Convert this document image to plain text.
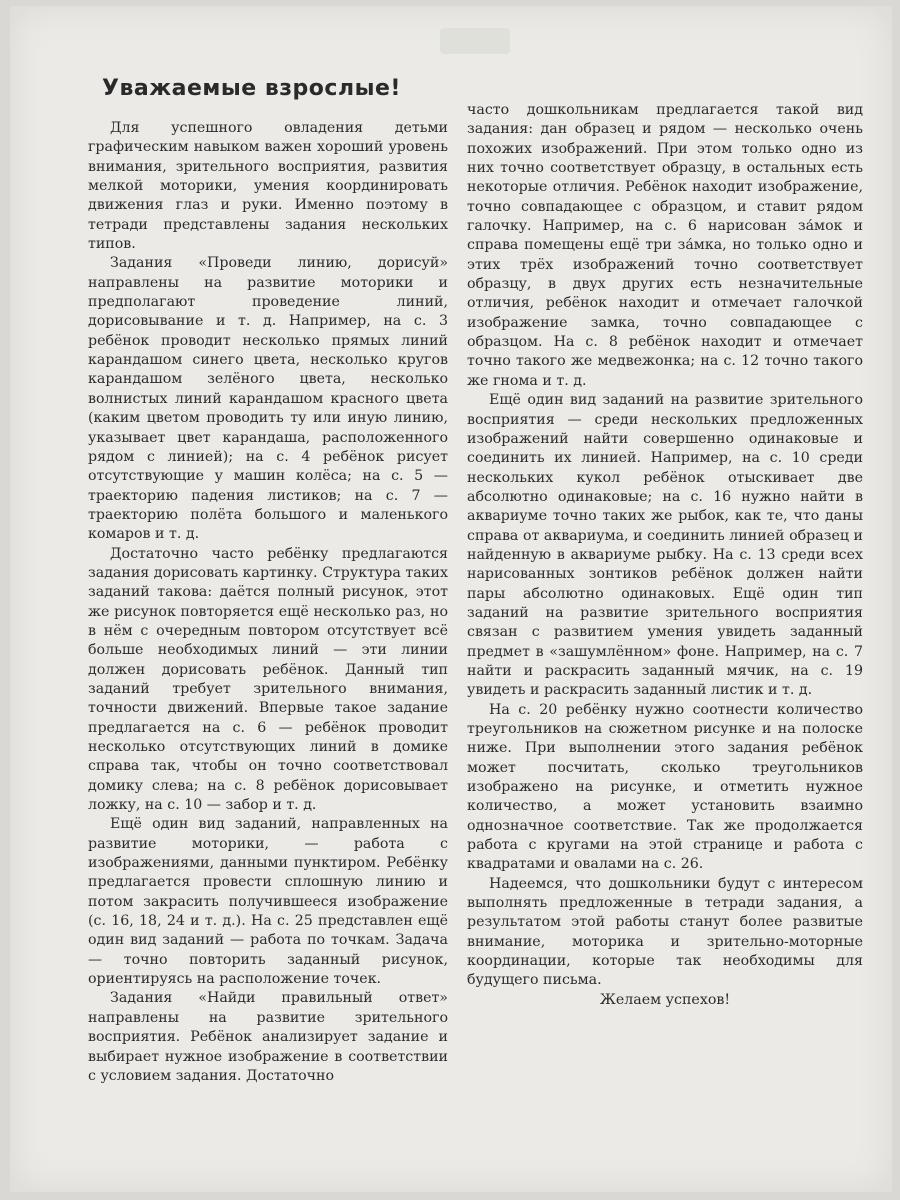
Уважаемые взрослые!

Для успешного овладения детьми графическим навыком важен хороший уровень внимания, зрительного восприятия, развития мелкой моторики, умения координировать движения глаз и руки. Именно поэтому в тетради представлены задания нескольких типов.

Задания «Проведи линию, дорисуй» направлены на развитие моторики и предполагают проведение линий, дорисовывание и т. д. Например, на с. 3 ребёнок проводит несколько прямых линий карандашом синего цвета, несколько кругов карандашом зелёного цвета, несколько волнистых линий карандашом красного цвета (каким цветом проводить ту или иную линию, указывает цвет карандаша, расположенного рядом с линией); на с. 4 ребёнок рисует отсутствующие у машин колёса; на с. 5 — траекторию падения листиков; на с. 7 — траекторию полёта большого и маленького комаров и т. д.

Достаточно часто ребёнку предлагаются задания дорисовать картинку. Структура таких заданий такова: даётся полный рисунок, этот же рисунок повторяется ещё несколько раз, но в нём с очередным повтором отсутствует всё больше необходимых линий — эти линии должен дорисовать ребёнок. Данный тип заданий требует зрительного внимания, точности движений. Впервые такое задание предлагается на с. 6 — ребёнок проводит несколько отсутствующих линий в домике справа так, чтобы он точно соответствовал домику слева; на с. 8 ребёнок дорисовывает ложку, на с. 10 — забор и т. д.

Ещё один вид заданий, направленных на развитие моторики, — работа с изображениями, данными пунктиром. Ребёнку предлагается провести сплошную линию и потом закрасить получившееся изображение (с. 16, 18, 24 и т. д.). На с. 25 представлен ещё один вид заданий — работа по точкам. Задача — точно повторить заданный рисунок, ориентируясь на расположение точек.

Задания «Найди правильный ответ» направлены на развитие зрительного восприятия. Ребёнок анализирует задание и выбирает нужное изображение в соответствии с условием задания. Достаточно

часто дошкольникам предлагается такой вид задания: дан образец и рядом — несколько очень похожих изображений. При этом только одно из них точно соответствует образцу, в остальных есть некоторые отличия. Ребёнок находит изображение, точно совпадающее с образцом, и ставит рядом галочку. Например, на с. 6 нарисован за́мок и справа помещены ещё три за́мка, но только одно и этих трёх изображений точно соответствует образцу, в двух других есть незначительные отличия, ребёнок находит и отмечает галочкой изображение замка, точно совпадающее с образцом. На с. 8 ребёнок находит и отмечает точно такого же медвежонка; на с. 12 точно такого же гнома и т. д.

Ещё один вид заданий на развитие зрительного восприятия — среди нескольких предложенных изображений найти совершенно одинаковые и соединить их линией. Например, на с. 10 среди нескольких кукол ребёнок отыскивает две абсолютно одинаковые; на с. 16 нужно найти в аквариуме точно таких же рыбок, как те, что даны справа от аквариума, и соединить линией образец и найденную в аквариуме рыбку. На с. 13 среди всех нарисованных зонтиков ребёнок должен найти пары абсолютно одинаковых. Ещё один тип заданий на развитие зрительного восприятия связан с развитием умения увидеть заданный предмет в «зашумлённом» фоне. Например, на с. 7 найти и раскрасить заданный мячик, на с. 19 увидеть и раскрасить заданный листик и т. д.

На с. 20 ребёнку нужно соотнести количество треугольников на сюжетном рисунке и на полоске ниже. При выполнении этого задания ребёнок может посчитать, сколько треугольников изображено на рисунке, и отметить нужное количество, а может установить взаимно однозначное соответствие. Так же продолжается работа с кругами на этой странице и работа с квадратами и овалами на с. 26.

Надеемся, что дошкольники будут с интересом выполнять предложенные в тетради задания, а результатом этой работы станут более развитые внимание, моторика и зрительно-моторные координации, которые так необходимы для будущего письма.

Желаем успехов!
